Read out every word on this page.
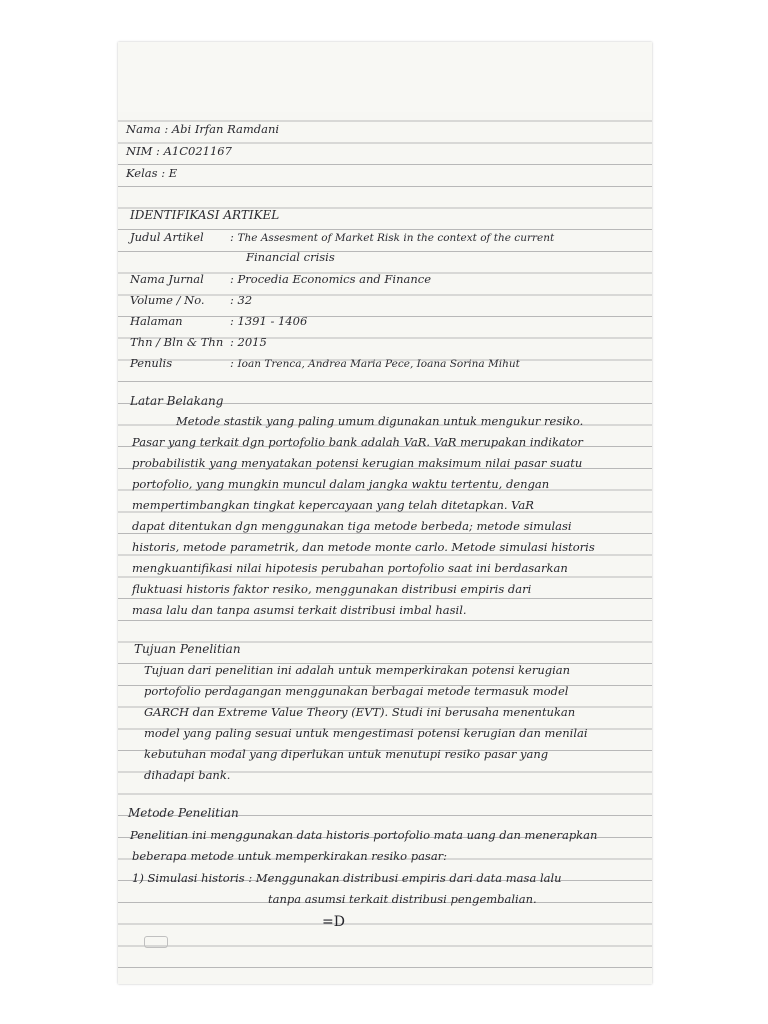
Nama : Abi Irfan Ramdani
NIM : A1C021167
Kelas : E
IDENTIFIKASI ARTIKEL
Judul Artikel : The Assesment of Market Risk in the context of the current
Financial crisis
Nama Jurnal : Procedia Economics and Finance
Volume / No. : 32
Halaman	: 1391 - 1406
Thn / Bln & Thn : 2015
Penulis	: Ioan Trenca, Andrea Maria Pece, Ioana Sorina Mihut
Latar Belakang
Metode stastik yang paling umum digunakan untuk mengukur resiko.
Pasar yang terkait dgn portofolio bank adalah VaR. VaR merupakan indikator
probabilistik yang menyatakan potensi kerugian maksimum nilai pasar suatu
portofolio, yang mungkin muncul dalam jangka waktu tertentu, dengan
mempertimbangkan tingkat kepercayaan yang telah ditetapkan. VaR
dapat ditentukan dgn menggunakan tiga metode berbeda; metode simulasi
historis, metode parametrik, dan metode monte carlo. Metode simulasi historis
mengkuantifikasi nilai hipotesis perubahan portofolio saat ini berdasarkan
fluktuasi historis faktor resiko, menggunakan distribusi empiris dari
masa lalu dan tanpa asumsi terkait distribusi imbal hasil.
Tujuan Penelitian
Tujuan dari penelitian ini adalah untuk memperkirakan potensi kerugian
portofolio perdagangan menggunakan berbagai metode termasuk model
GARCH dan Extreme Value Theory (EVT). Studi ini berusaha menentukan
model yang paling sesuai untuk mengestimasi potensi kerugian dan menilai
kebutuhan modal yang diperlukan untuk menutupi resiko pasar yang
dihadapi bank.
Metode Penelitian
Penelitian ini menggunakan data historis portofolio mata uang dan menerapkan
beberapa metode untuk memperkirakan resiko pasar:
1) Simulasi historis : Menggunakan distribusi empiris dari data masa lalu
tanpa asumsi terkait distribusi pengembalian.
=D
